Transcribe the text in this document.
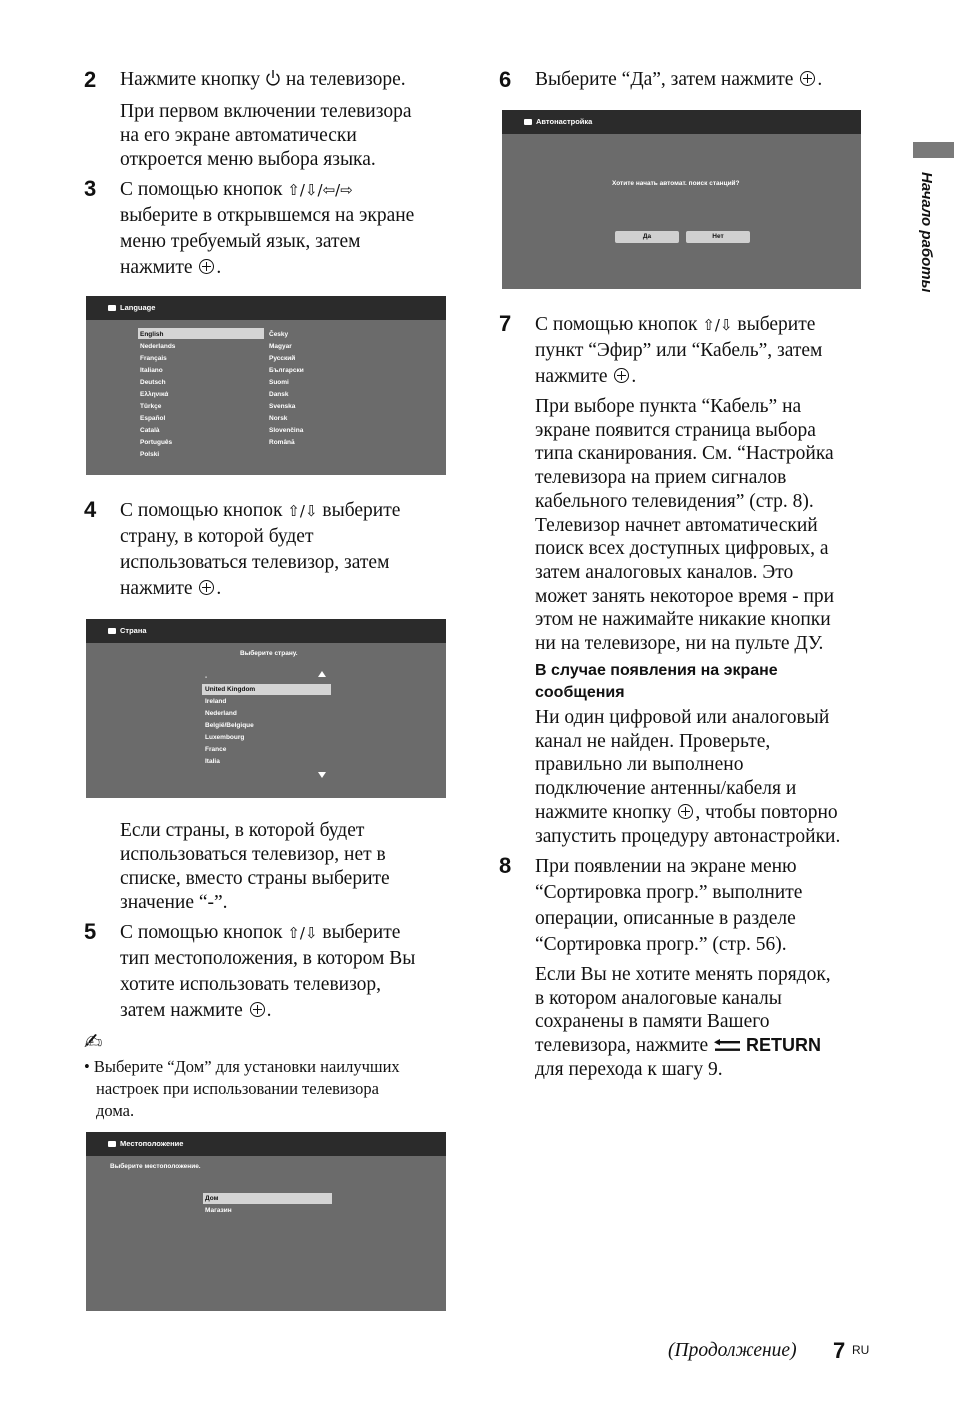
Начало работы
2 Нажмите кнопку на телевизоре.
При первом включении телевизора
на его экране автоматически
откроется меню выбора языка.
3 С помощью кнопок ⇧/⇩/⇦/⇨
выберите в открывшемся на экране
меню требуемый язык, затем
нажмите .
Language
English
Nederlands
Français
Italiano
Deutsch
Ελληνικά
Türkçe
Español
Català
Português
Polski
Česky
Magyar
Русский
Български
Suomi
Dansk
Svenska
Norsk
Slovenčina
Română
4 С помощью кнопок ⇧/⇩ выберите
страну, в которой будет
использоваться телевизор, затем
нажмите .
Страна
Выберите страну.
-
United Kingdom
Ireland
Nederland
België/Belgique
Luxembourg
France
Italia
Если страны, в которой будет
использоваться телевизор, нет в
списке, вместо страны выберите
значение “-”.
5 С помощью кнопок ⇧/⇩ выберите
тип местоположения, в котором Вы
хотите использовать телевизор,
затем нажмите .
✍
• Выберите “Дом” для установки наилучших
настроек при использовании телевизора
дома.
Местоположение
Выберите местоположение.
Дом
Магазин
6 Выберите “Да”, затем нажмите .
Автонастройка
Хотите начать автомат. поиск станций?
Да	Нет
7 С помощью кнопок ⇧/⇩ выберите
пункт “Эфир” или “Кабель”, затем
нажмите .
При выборе пункта “Кабель” на
экране появится страница выбора
типа сканирования. См. “Настройка
телевизора на прием сигналов
кабельного телевидения” (стр. 8).
Телевизор начнет автоматический
поиск всех доступных цифровых, а
затем аналоговых каналов. Это
может занять некоторое время - при
этом не нажимайте никакие кнопки
ни на телевизоре, ни на пульте ДУ.
В случае появления на экране
сообщения
Ни один цифровой или аналоговый
канал не найден. Проверьте,
правильно ли выполнено
подключение антенны/кабеля и
нажмите кнопку , чтобы повторно
запустить процедуру автонастройки.
8 При появлении на экране меню
“Сортировка прогр.” выполните
операции, описанные в разделе
“Сортировка прогр.” (стр. 56).
Если Вы не хотите менять порядок,
в котором аналоговые каналы
сохранены в памяти Вашего
телевизора, нажмите RETURN
для перехода к шагу 9.
(Продолжение) 7 RU
